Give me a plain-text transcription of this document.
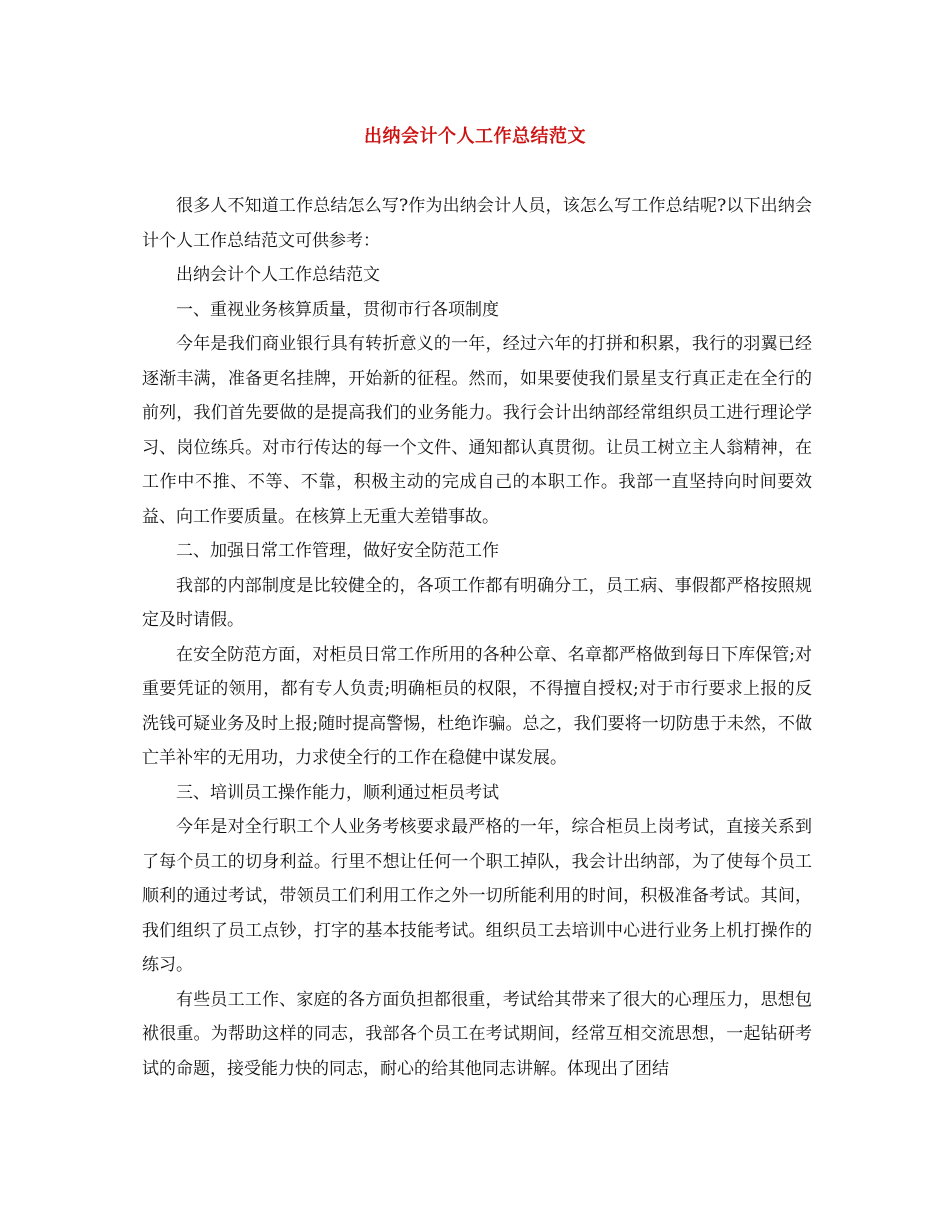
出纳会计个人工作总结范文

很多人不知道工作总结怎么写?作为出纳会计人员，该怎么写工作总结呢?以下出纳会计个人工作总结范文可供参考：

出纳会计个人工作总结范文

一、重视业务核算质量，贯彻市行各项制度

今年是我们商业银行具有转折意义的一年，经过六年的打拼和积累，我行的羽翼已经逐渐丰满，准备更名挂牌，开始新的征程。然而，如果要使我们景星支行真正走在全行的前列，我们首先要做的是提高我们的业务能力。我行会计出纳部经常组织员工进行理论学习、岗位练兵。对市行传达的每一个文件、通知都认真贯彻。让员工树立主人翁精神，在工作中不推、不等、不靠，积极主动的完成自己的本职工作。我部一直坚持向时间要效益、向工作要质量。在核算上无重大差错事故。

二、加强日常工作管理，做好安全防范工作

我部的内部制度是比较健全的，各项工作都有明确分工，员工病、事假都严格按照规定及时请假。

在安全防范方面，对柜员日常工作所用的各种公章、名章都严格做到每日下库保管;对重要凭证的领用，都有专人负责;明确柜员的权限，不得擅自授权;对于市行要求上报的反洗钱可疑业务及时上报;随时提高警惕，杜绝诈骗。总之，我们要将一切防患于未然，不做亡羊补牢的无用功，力求使全行的工作在稳健中谋发展。

三、培训员工操作能力，顺利通过柜员考试

今年是对全行职工个人业务考核要求最严格的一年，综合柜员上岗考试，直接关系到了每个员工的切身利益。行里不想让任何一个职工掉队，我会计出纳部，为了使每个员工顺利的通过考试，带领员工们利用工作之外一切所能利用的时间，积极准备考试。其间，我们组织了员工点钞，打字的基本技能考试。组织员工去培训中心进行业务上机打操作的练习。

有些员工工作、家庭的各方面负担都很重，考试给其带来了很大的心理压力，思想包袱很重。为帮助这样的同志，我部各个员工在考试期间，经常互相交流思想，一起钻研考试的命题，接受能力快的同志，耐心的给其他同志讲解。体现出了团结
